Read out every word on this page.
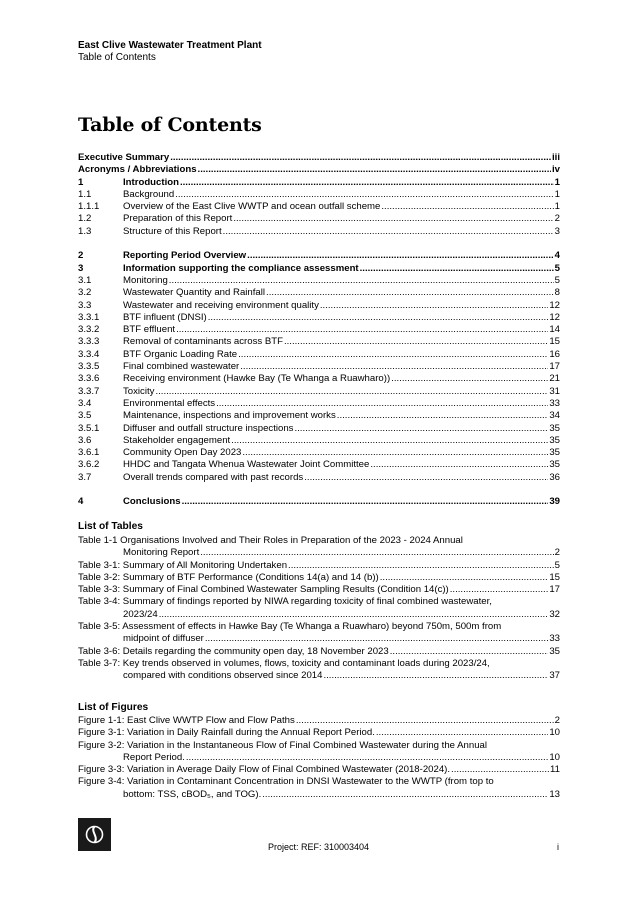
East Clive Wastewater Treatment Plant
Table of Contents
Table of Contents
Executive Summary .....	iii
Acronyms / Abbreviations .....	iv
1	Introduction .....	1
1.1	Background .....	1
1.1.1 Overview of the East Clive WWTP and ocean outfall scheme .....	1
1.2	Preparation of this Report .....	2
1.3	Structure of this Report .....	3
2	Reporting Period Overview .....	4
3	Information supporting the compliance assessment .....	5
3.1	Monitoring .....	5
3.2	Wastewater Quantity and Rainfall .....	8
3.3	Wastewater and receiving environment quality .....	12
3.3.1 BTF influent (DNSI) .....	12
3.3.2 BTF effluent .....	14
3.3.3 Removal of contaminants across BTF .....	15
3.3.4 BTF Organic Loading Rate .....	16
3.3.5 Final combined wastewater .....	17
3.3.6 Receiving environment (Hawke Bay (Te Whanga a Ruawharo)) .....	21
3.3.7 Toxicity .....	31
3.4	Environmental effects .....	33
3.5	Maintenance, inspections and improvement works .....	34
3.5.1 Diffuser and outfall structure inspections .....	35
3.6	Stakeholder engagement .....	35
3.6.1 Community Open Day 2023 .....	35
3.6.2 HHDC and Tangata Whenua Wastewater Joint Committee .....	35
3.7	Overall trends compared with past records .....	36
4	Conclusions .....	39
List of Tables
Table 1-1 Organisations Involved and Their Roles in Preparation of the 2023 - 2024 Annual
Monitoring Report .....	2
Table 3-1: Summary of All Monitoring Undertaken .....	5
Table 3-2: Summary of BTF Performance (Conditions 14(a) and 14 (b)) .....	15
Table 3-3: Summary of Final Combined Wastewater Sampling Results (Condition 14(c)) .....	17
Table 3-4: Summary of findings reported by NIWA regarding toxicity of final combined wastewater,
2023/24 .....	32
Table 3-5: Assessment of effects in Hawke Bay (Te Whanga a Ruawharo) beyond 750m, 500m from
midpoint of diffuser .....	33
Table 3-6: Details regarding the community open day, 18 November 2023 .....	35
Table 3-7: Key trends observed in volumes, flows, toxicity and contaminant loads during 2023/24,
compared with conditions observed since 2014 .....	37
List of Figures
Figure 1-1: East Clive WWTP Flow and Flow Paths .....	2
Figure 3-1: Variation in Daily Rainfall during the Annual Report Period. .....	10
Figure 3-2: Variation in the Instantaneous Flow of Final Combined Wastewater during the Annual
Report Period. .....	10
Figure 3-3: Variation in Average Daily Flow of Final Combined Wastewater (2018-2024). .....	11
Figure 3-4: Variation in Contaminant Concentration in DNSI Wastewater to the WWTP (from top to
bottom: TSS, cBOD₅, and TOG). .....	13
Project: REF: 310003404	i
